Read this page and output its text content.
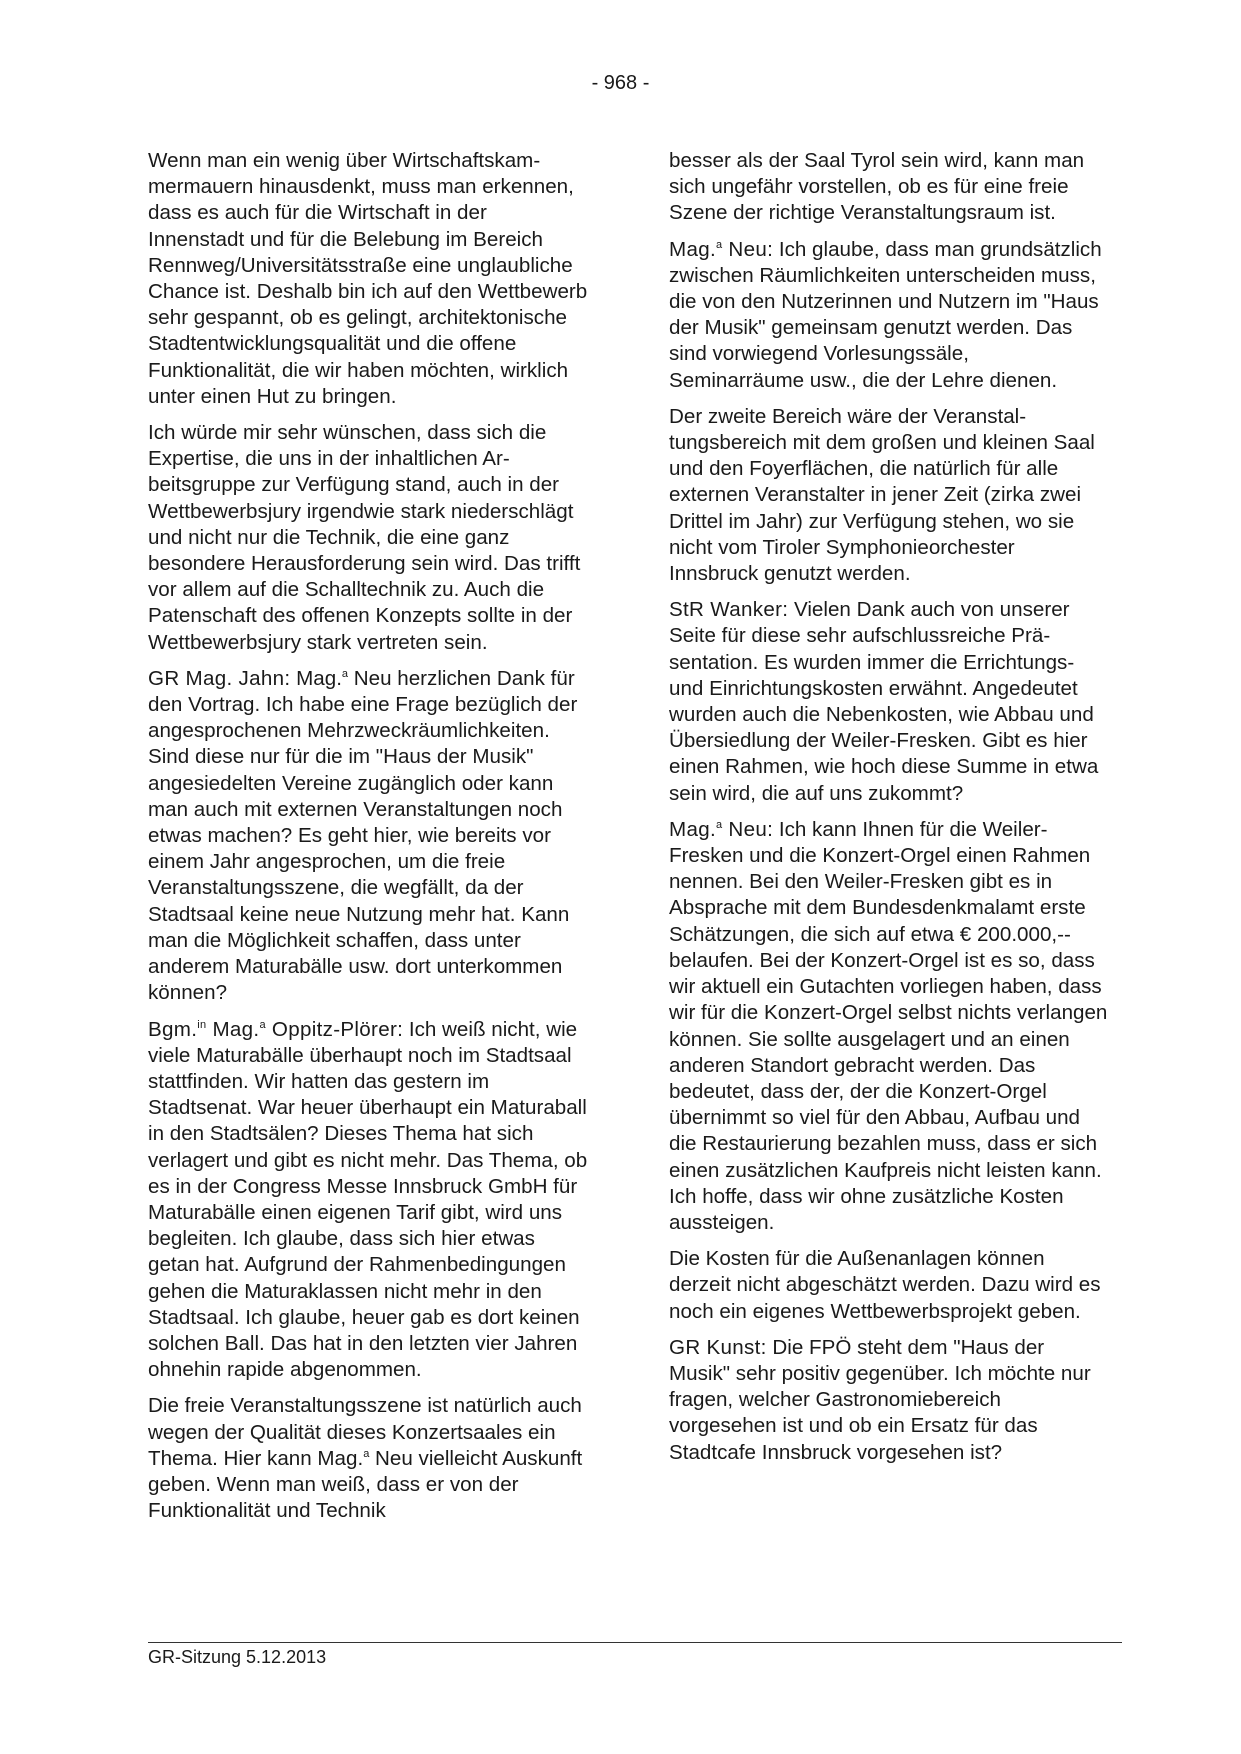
- 968 -

Wenn man ein wenig über Wirtschaftskammermauern hinausdenkt, muss man erkennen, dass es auch für die Wirtschaft in der Innenstadt und für die Belebung im Bereich Rennweg/Universitätsstraße eine unglaubliche Chance ist. Deshalb bin ich auf den Wettbewerb sehr gespannt, ob es gelingt, architektonische Stadtentwicklungsqualität und die offene Funktionalität, die wir haben möchten, wirklich unter einen Hut zu bringen.

Ich würde mir sehr wünschen, dass sich die Expertise, die uns in der inhaltlichen Arbeitsgruppe zur Verfügung stand, auch in der Wettbewerbsjury irgendwie stark niederschlägt und nicht nur die Technik, die eine ganz besondere Herausforderung sein wird. Das trifft vor allem auf die Schalltechnik zu. Auch die Patenschaft des offenen Konzepts sollte in der Wettbewerbsjury stark vertreten sein.

GR Mag. Jahn: Mag.$^a$ Neu herzlichen Dank für den Vortrag. Ich habe eine Frage bezüglich der angesprochenen Mehrzweckräumlichkeiten. Sind diese nur für die im "Haus der Musik" angesiedelten Vereine zugänglich oder kann man auch mit externen Veranstaltungen noch etwas machen? Es geht hier, wie bereits vor einem Jahr angesprochen, um die freie Veranstaltungsszene, die wegfällt, da der Stadtsaal keine neue Nutzung mehr hat. Kann man die Möglichkeit schaffen, dass unter anderem Maturabälle usw. dort unterkommen können?

Bgm.$^{in}$ Mag.$^a$ Oppitz-Plörer: Ich weiß nicht, wie viele Maturabälle überhaupt noch im Stadtsaal stattfinden. Wir hatten das gestern im Stadtsenat. War heuer überhaupt ein Maturaball in den Stadtsälen? Dieses Thema hat sich verlagert und gibt es nicht mehr. Das Thema, ob es in der Congress Messe Innsbruck GmbH für Maturabälle einen eigenen Tarif gibt, wird uns begleiten. Ich glaube, dass sich hier etwas getan hat. Aufgrund der Rahmenbedingungen gehen die Maturaklassen nicht mehr in den Stadtsaal. Ich glaube, heuer gab es dort keinen solchen Ball. Das hat in den letzten vier Jahren ohnehin rapide abgenommen.

Die freie Veranstaltungsszene ist natürlich auch wegen der Qualität dieses Konzertsaales ein Thema. Hier kann Mag.$^a$ Neu vielleicht Auskunft geben. Wenn man weiß, dass er von der Funktionalität und Technik

besser als der Saal Tyrol sein wird, kann man sich ungefähr vorstellen, ob es für eine freie Szene der richtige Veranstaltungsraum ist.

Mag.$^a$ Neu: Ich glaube, dass man grundsätzlich zwischen Räumlichkeiten unterscheiden muss, die von den Nutzerinnen und Nutzern im "Haus der Musik" gemeinsam genutzt werden. Das sind vorwiegend Vorlesungssäle, Seminarräume usw., die der Lehre dienen.

Der zweite Bereich wäre der Veranstaltungsbereich mit dem großen und kleinen Saal und den Foyerflächen, die natürlich für alle externen Veranstalter in jener Zeit (zirka zwei Drittel im Jahr) zur Verfügung stehen, wo sie nicht vom Tiroler Symphonieorchester Innsbruck genutzt werden.

StR Wanker: Vielen Dank auch von unserer Seite für diese sehr aufschlussreiche Präsentation. Es wurden immer die Errichtungs- und Einrichtungskosten erwähnt. Angedeutet wurden auch die Nebenkosten, wie Abbau und Übersiedlung der Weiler-Fresken. Gibt es hier einen Rahmen, wie hoch diese Summe in etwa sein wird, die auf uns zukommt?

Mag.$^a$ Neu: Ich kann Ihnen für die Weiler-Fresken und die Konzert-Orgel einen Rahmen nennen. Bei den Weiler-Fresken gibt es in Absprache mit dem Bundesdenkmalamt erste Schätzungen, die sich auf etwa € 200.000,-- belaufen. Bei der Konzert-Orgel ist es so, dass wir aktuell ein Gutachten vorliegen haben, dass wir für die Konzert-Orgel selbst nichts verlangen können. Sie sollte ausgelagert und an einen anderen Standort gebracht werden. Das bedeutet, dass der, der die Konzert-Orgel übernimmt so viel für den Abbau, Aufbau und die Restaurierung bezahlen muss, dass er sich einen zusätzlichen Kaufpreis nicht leisten kann. Ich hoffe, dass wir ohne zusätzliche Kosten aussteigen.

Die Kosten für die Außenanlagen können derzeit nicht abgeschätzt werden. Dazu wird es noch ein eigenes Wettbewerbsprojekt geben.

GR Kunst: Die FPÖ steht dem "Haus der Musik" sehr positiv gegenüber. Ich möchte nur fragen, welcher Gastronomiebereich vorgesehen ist und ob ein Ersatz für das Stadtcafe Innsbruck vorgesehen ist?

GR-Sitzung 5.12.2013
